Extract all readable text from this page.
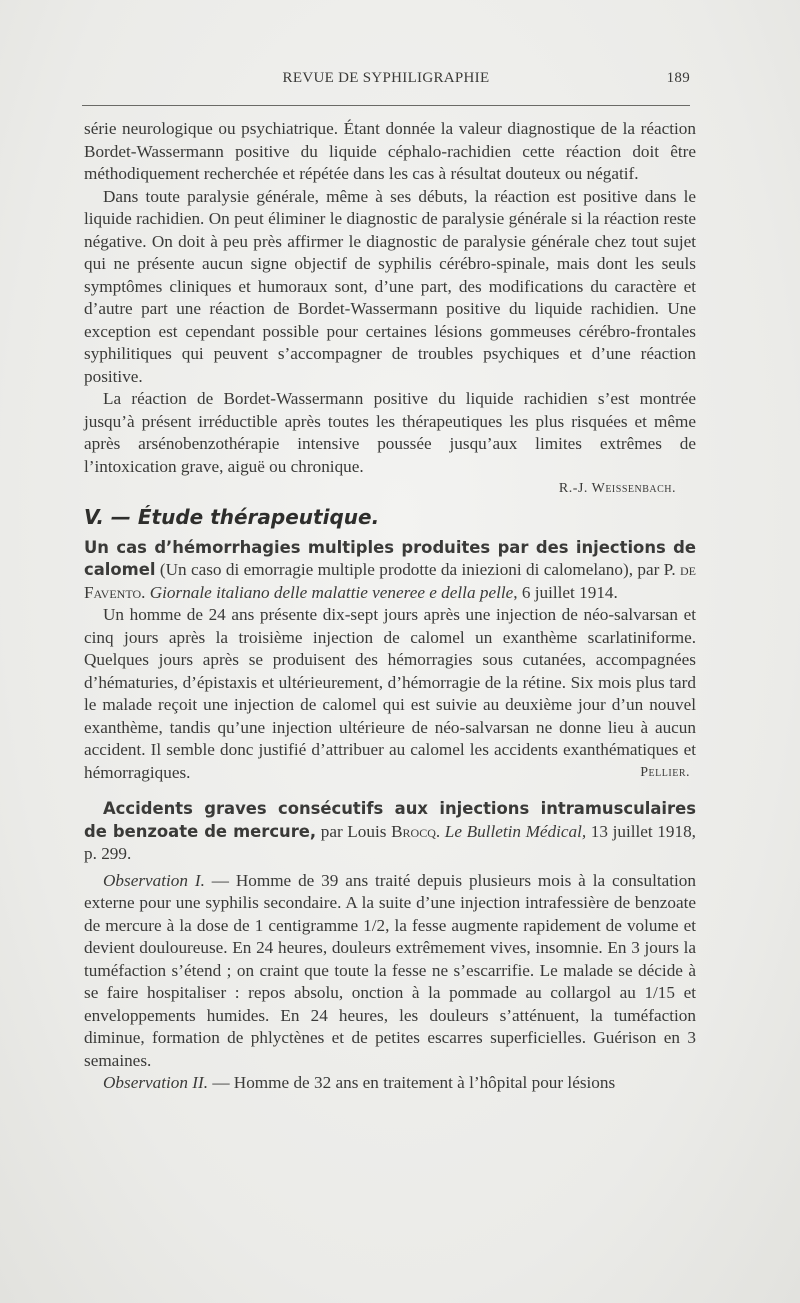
REVUE DE SYPHILIGRAPHIE	189

série neurologique ou psychiatrique. Étant donnée la valeur diagnostique de la réaction Bordet-Wassermann positive du liquide céphalo-rachidien cette réaction doit être méthodiquement recherchée et répétée dans les cas à résultat douteux ou négatif.

Dans toute paralysie générale, même à ses débuts, la réaction est positive dans le liquide rachidien. On peut éliminer le diagnostic de paralysie générale si la réaction reste négative. On doit à peu près affirmer le diagnostic de paralysie générale chez tout sujet qui ne présente aucun signe objectif de syphilis cérébro-spinale, mais dont les seuls symptômes cliniques et humoraux sont, d’une part, des modifications du caractère et d’autre part une réaction de Bordet-Wassermann positive du liquide rachidien. Une exception est cependant possible pour certaines lésions gommeuses cérébro-frontales syphilitiques qui peuvent s’accompagner de troubles psychiques et d’une réaction positive.

La réaction de Bordet-Wassermann positive du liquide rachidien s’est montrée jusqu’à présent irréductible après toutes les thérapeutiques les plus risquées et même après arsénobenzothérapie intensive poussée jusqu’aux limites extrêmes de l’intoxication grave, aiguë ou chronique.

R.-J. Weissenbach.

V. — Étude thérapeutique.

Un cas d’hémorrhagies multiples produites par des injections de calomel (Un caso di emorragie multiple prodotte da iniezioni di calomelano), par P. de Favento. Giornale italiano delle malattie veneree e della pelle, 6 juillet 1914.

Un homme de 24 ans présente dix-sept jours après une injection de néo-salvarsan et cinq jours après la troisième injection de calomel un exanthème scarlatiniforme. Quelques jours après se produisent des hémorragies sous cutanées, accompagnées d’hématuries, d’épistaxis et ultérieurement, d’hémorragie de la rétine. Six mois plus tard le malade reçoit une injection de calomel qui est suivie au deuxième jour d’un nouvel exanthème, tandis qu’une injection ultérieure de néo-salvarsan ne donne lieu à aucun accident. Il semble donc justifié d’attribuer au calomel les accidents exanthématiques et hémorragiques.	Pellier.

Accidents graves consécutifs aux injections intramusculaires de benzoate de mercure, par Louis Brocq. Le Bulletin Médical, 13 juillet 1918, p. 299.

Observation I. — Homme de 39 ans traité depuis plusieurs mois à la consultation externe pour une syphilis secondaire. A la suite d’une injection intrafessière de benzoate de mercure à la dose de 1 centigramme 1/2, la fesse augmente rapidement de volume et devient douloureuse. En 24 heures, douleurs extrêmement vives, insomnie. En 3 jours la tuméfaction s’étend ; on craint que toute la fesse ne s’escarrifie. Le malade se décide à se faire hospitaliser : repos absolu, onction à la pommade au collargol au 1/15 et enveloppements humides. En 24 heures, les douleurs s’atténuent, la tuméfaction diminue, formation de phlyctènes et de petites escarres superficielles. Guérison en 3 semaines.

Observation II. — Homme de 32 ans en traitement à l’hôpital pour lésions
